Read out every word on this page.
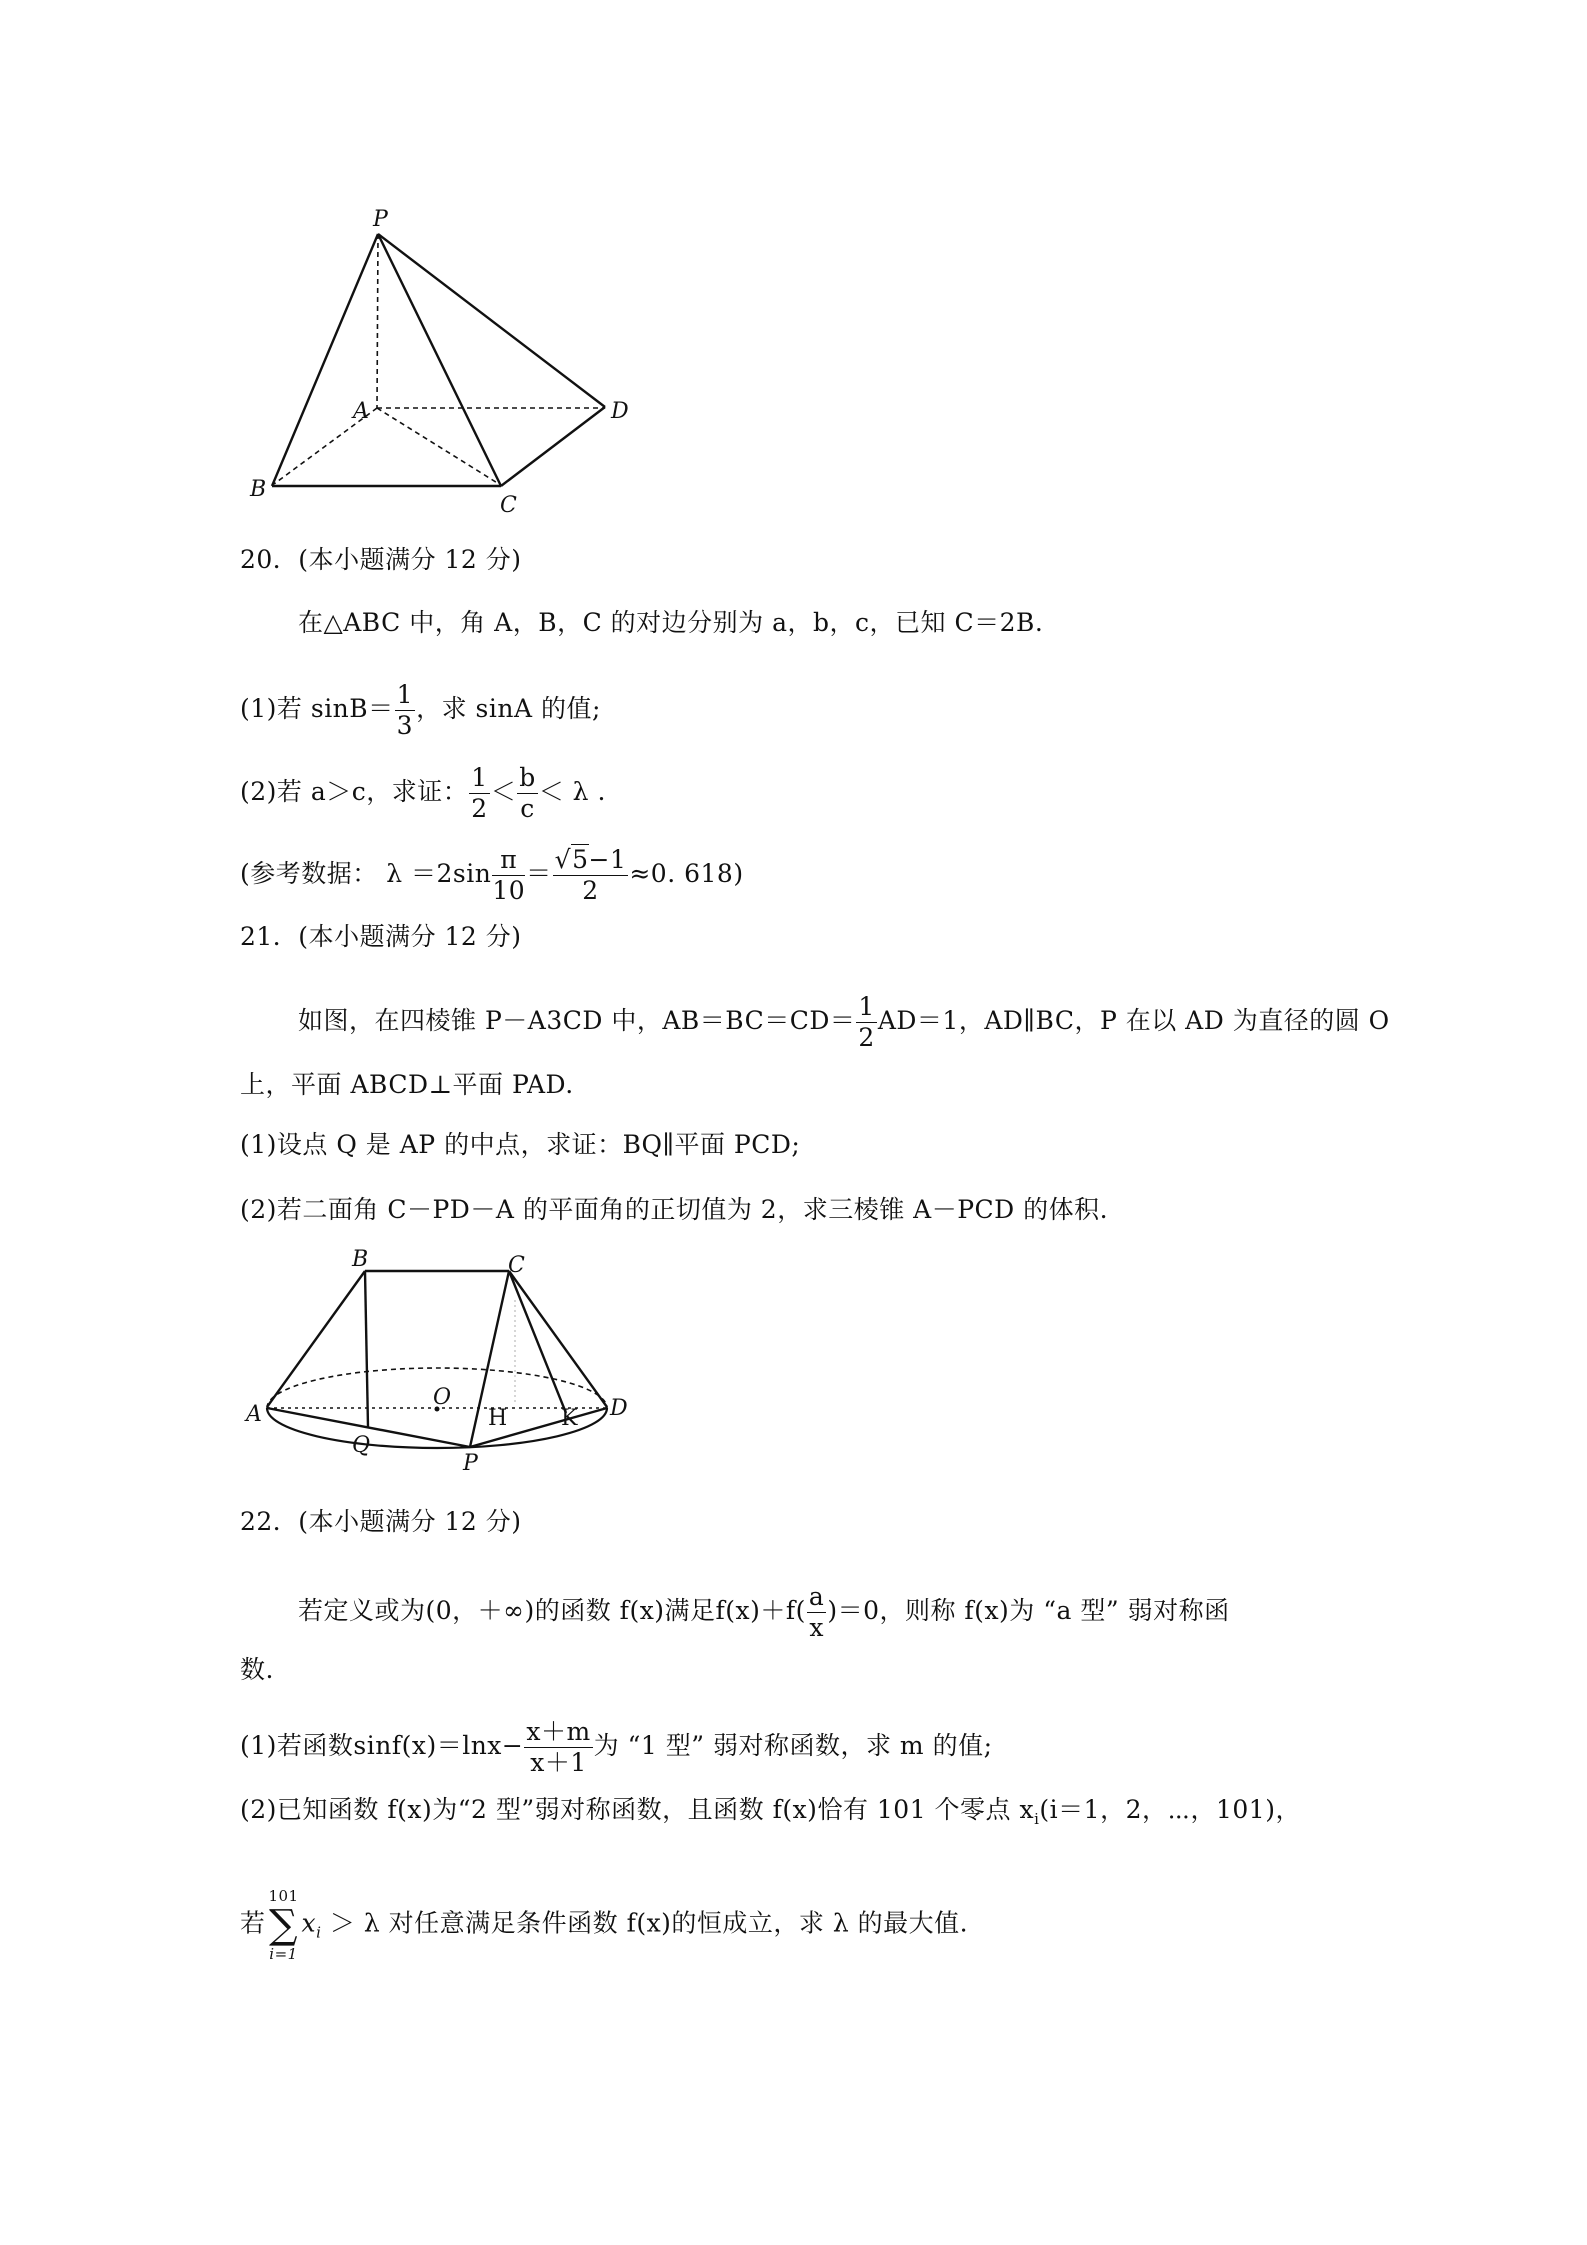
P
A	D
B
C
20．(本小题满分 12 分)
在△ABC 中，角 A，B，C 的对边分别为 a，b，c，已知 C＝2B.
(1)若 $\sin B= \frac{1}{3}$ ，求 sinA 的值;
(2)若 a＞c，求证： $\frac{1}{2} < \frac{b}{c} < \lambda$ .
(参考数据： $\lambda =2\sin \frac{\pi}{10} = \frac{√5-1}{2} \approx 0$. 618)
21．(本小题满分 12 分)
如图，在四棱锥 P－A3CD 中，$AB=BC=CD= \frac{1}{2} AD=1$，AD∥BC，P 在以 AD 为直径的圆 O
上，平面 ABCD⊥平面 PAD.
(1)设点 Q 是 AP 的中点，求证：BQ∥平面 PCD;
(2)若二面角 C－PD－A 的平面角的正切值为 2，求三棱锥 A－PCD 的体积.
B	C
A	D
O
H K
Q
P
22．(本小题满分 12 分)
若定义或为(0，＋∞)的函数 f(x)满足$f(x)+f( \frac{a}{x} )=0$，则称 f(x)为 “a 型” 弱对称函
数.
(1)若函数$\sin f(x)=\ln x- \frac{x+m}{x+1}$ 为 “1 型” 弱对称函数，求 m 的值;
(2)已知函数 f(x)为“2 型”弱对称函数，且函数 f(x)恰有 101 个零点 $x_i(i=1$，2，⋯，101)，
若
101
∑
i=1
$x_i > \lambda$ 对任意满足条件函数 f(x)的恒成立，求 λ 的最大值.
